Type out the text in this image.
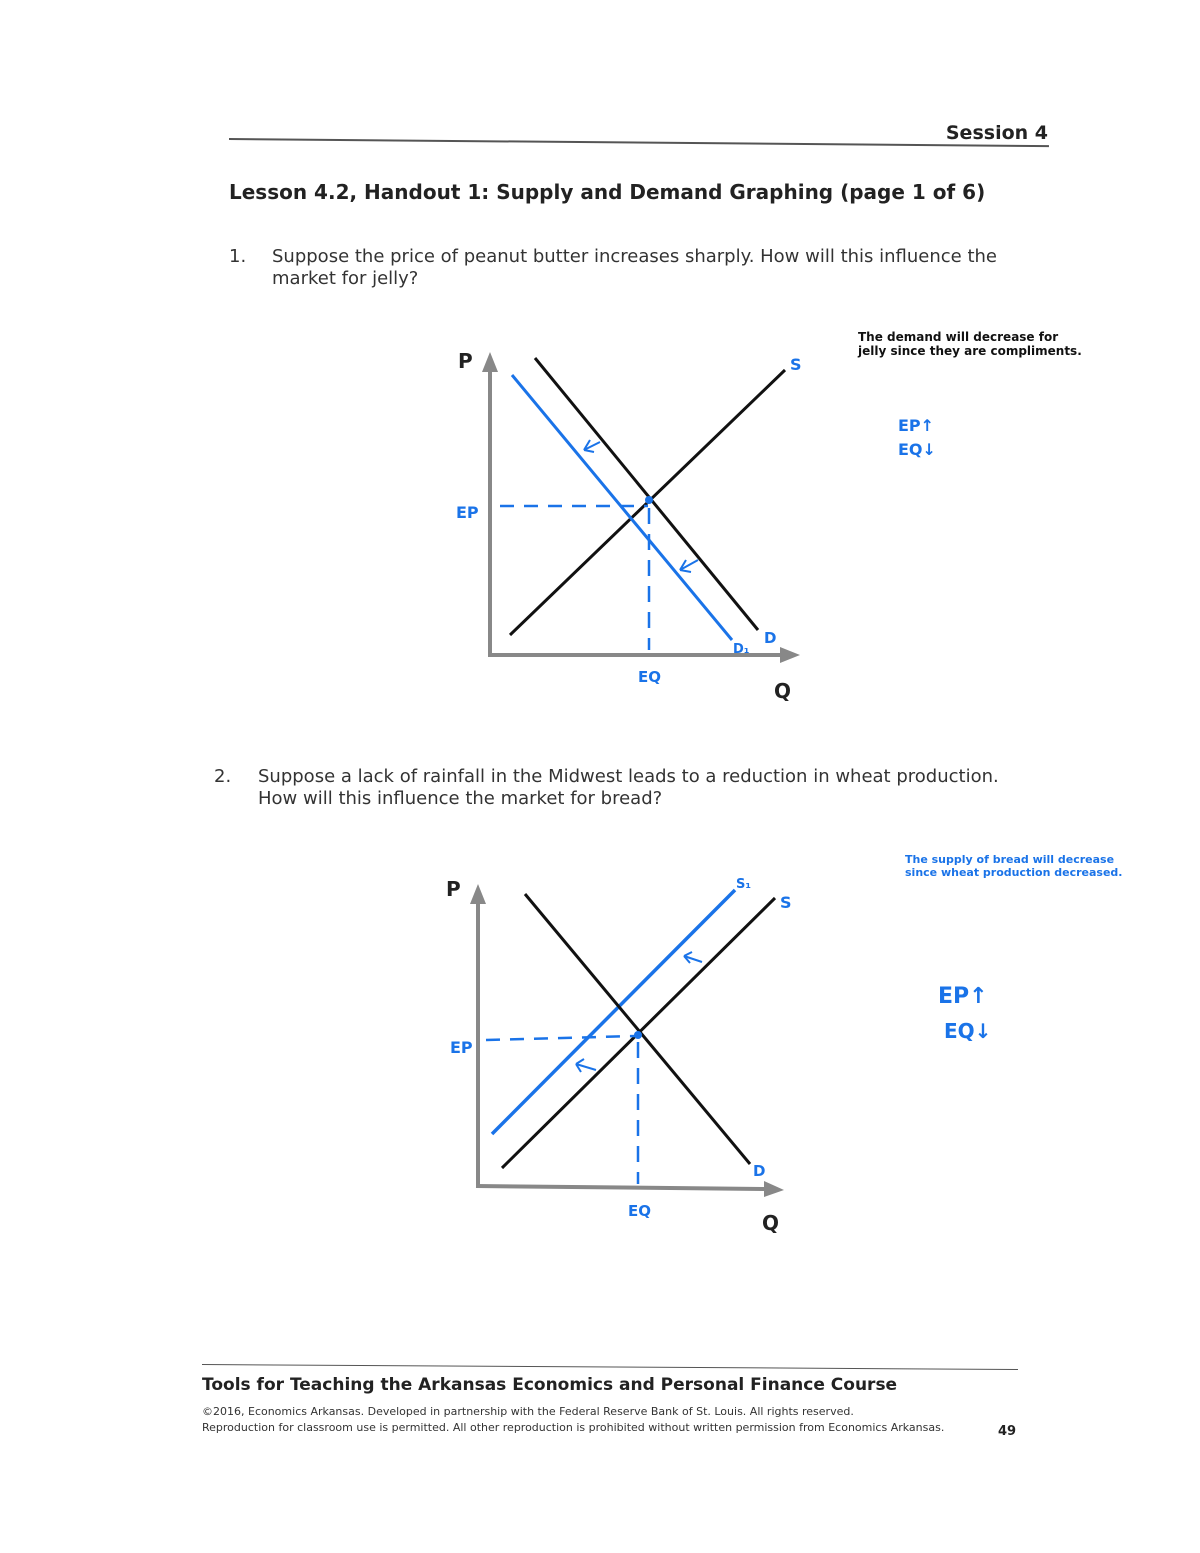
Session 4
Lesson 4.2, Handout 1: Supply and Demand Graphing (page 1 of 6)
1. Suppose the price of peanut butter increases sharply. How will this influence the market for jelly?
P
Q
S
D
D₁
EP
EQ
The demand will decrease for jelly since they are compliments.
EP↑
EQ↓
2. Suppose a lack of rainfall in the Midwest leads to a reduction in wheat production. How will this influence the market for bread?
P
Q
S₁
S
D
EP
EQ
The supply of bread will decrease since wheat production decreased.
EP↑
EQ↓
Tools for Teaching the Arkansas Economics and Personal Finance Course
©2016, Economics Arkansas. Developed in partnership with the Federal Reserve Bank of St. Louis. All rights reserved.
Reproduction for classroom use is permitted. All other reproduction is prohibited without written permission from Economics Arkansas.	49
